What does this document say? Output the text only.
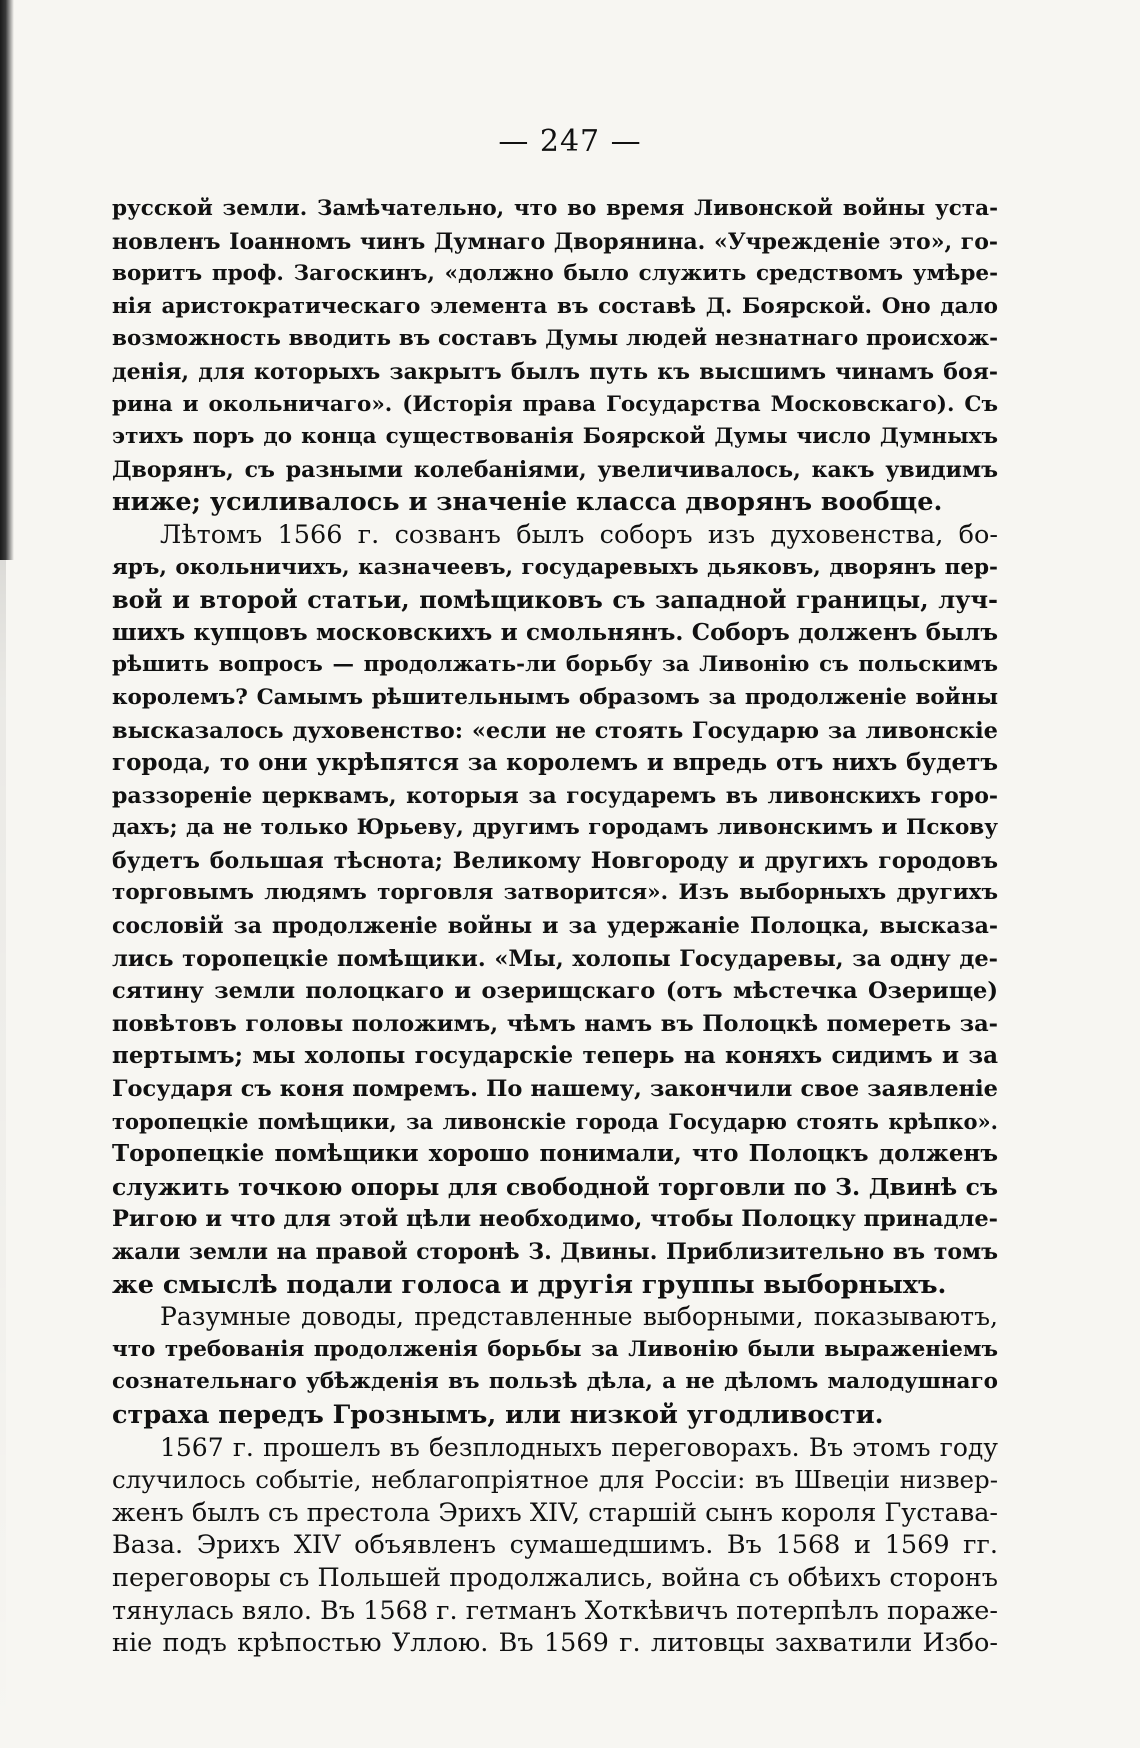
— 247 —
русской земли. Замѣчательно, что во время Ливонской войны уста-
новленъ Іоанномъ чинъ Думнаго Дворянина. «Учрежденіе это», го-
воритъ проф. Загоскинъ, «должно было служить средствомъ умѣре-
нія аристократическаго элемента въ составѣ Д. Боярской. Оно дало
возможность вводить въ составъ Думы людей незнатнаго происхож-
денія, для которыхъ закрытъ былъ путь къ высшимъ чинамъ боя-
рина и окольничаго». (Исторія права Государства Московскаго). Съ
этихъ поръ до конца существованія Боярской Думы число Думныхъ
Дворянъ, съ разными колебаніями, увеличивалось, какъ увидимъ
ниже; усиливалось и значеніе класса дворянъ вообще.
Лѣтомъ 1566 г. созванъ былъ соборъ изъ духовенства, бо-
яръ, окольничихъ, казначеевъ, государевыхъ дьяковъ, дворянъ пер-
вой и второй статьи, помѣщиковъ съ западной границы, луч-
шихъ купцовъ московскихъ и смольнянъ. Соборъ долженъ былъ
рѣшить вопросъ — продолжать-ли борьбу за Ливонію съ польскимъ
королемъ? Самымъ рѣшительнымъ образомъ за продолженіе войны
высказалось духовенство: «если не стоять Государю за ливонскіе
города, то они укрѣпятся за королемъ и впредь отъ нихъ будетъ
раззореніе церквамъ, которыя за государемъ въ ливонскихъ горо-
дахъ; да не только Юрьеву, другимъ городамъ ливонскимъ и Пскову
будетъ большая тѣснота; Великому Новгороду и другихъ городовъ
торговымъ людямъ торговля затворится». Изъ выборныхъ другихъ
сословій за продолженіе войны и за удержаніе Полоцка, высказа-
лись торопецкіе помѣщики. «Мы, холопы Государевы, за одну де-
сятину земли полоцкаго и озерищскаго (отъ мѣстечка Озерище)
повѣтовъ головы положимъ, чѣмъ намъ въ Полоцкѣ помереть за-
пертымъ; мы холопы государскіе теперь на коняхъ сидимъ и за
Государя съ коня помремъ. По нашему, закончили свое заявленіе
торопецкіе помѣщики, за ливонскіе города Государю стоять крѣпко».
Торопецкіе помѣщики хорошо понимали, что Полоцкъ долженъ
служить точкою опоры для свободной торговли по З. Двинѣ съ
Ригою и что для этой цѣли необходимо, чтобы Полоцку принадле-
жали земли на правой сторонѣ З. Двины. Приблизительно въ томъ
же смыслѣ подали голоса и другія группы выборныхъ.
Разумные доводы, представленные выборными, показываютъ,
что требованія продолженія борьбы за Ливонію были выраженіемъ
сознательнаго убѣжденія въ пользѣ дѣла, а не дѣломъ малодушнаго
страха передъ Грознымъ, или низкой угодливости.
1567 г. прошелъ въ безплодныхъ переговорахъ. Въ этомъ году
случилось событіе, неблагопріятное для Россіи: въ Швеціи низвер-
женъ былъ съ престола Эрихъ XIV, старшій сынъ короля Густава-
Ваза. Эрихъ XIV объявленъ сумашедшимъ. Въ 1568 и 1569 гг.
переговоры съ Польшей продолжались, война съ обѣихъ сторонъ
тянулась вяло. Въ 1568 г. гетманъ Хоткѣвичъ потерпѣлъ пораже-
ніе подъ крѣпостью Уллою. Въ 1569 г. литовцы захватили Избо-
